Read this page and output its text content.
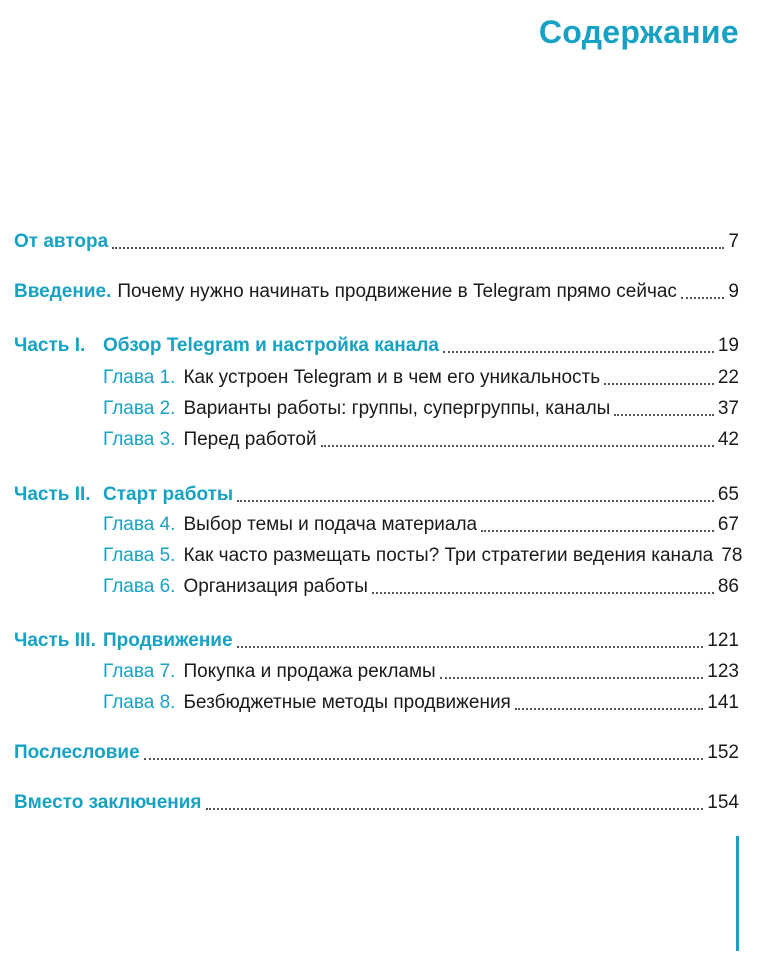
Содержание
От автора	7
Введение. Почему нужно начинать продвижение в Telegram прямо сейчас	9
Часть I. Обзор Telegram и настройка канала	19
Глава 1. Как устроен Telegram и в чем его уникальность	22
Глава 2. Варианты работы: группы, супергруппы, каналы	37
Глава 3. Перед работой	42
Часть II. Старт работы	65
Глава 4. Выбор темы и подача материала	67
Глава 5. Как часто размещать посты? Три стратегии ведения канала 78
Глава 6. Организация работы	86
Часть III. Продвижение	121
Глава 7. Покупка и продажа рекламы	123
Глава 8. Безбюджетные методы продвижения	141
Послесловие	152
Вместо заключения	154
